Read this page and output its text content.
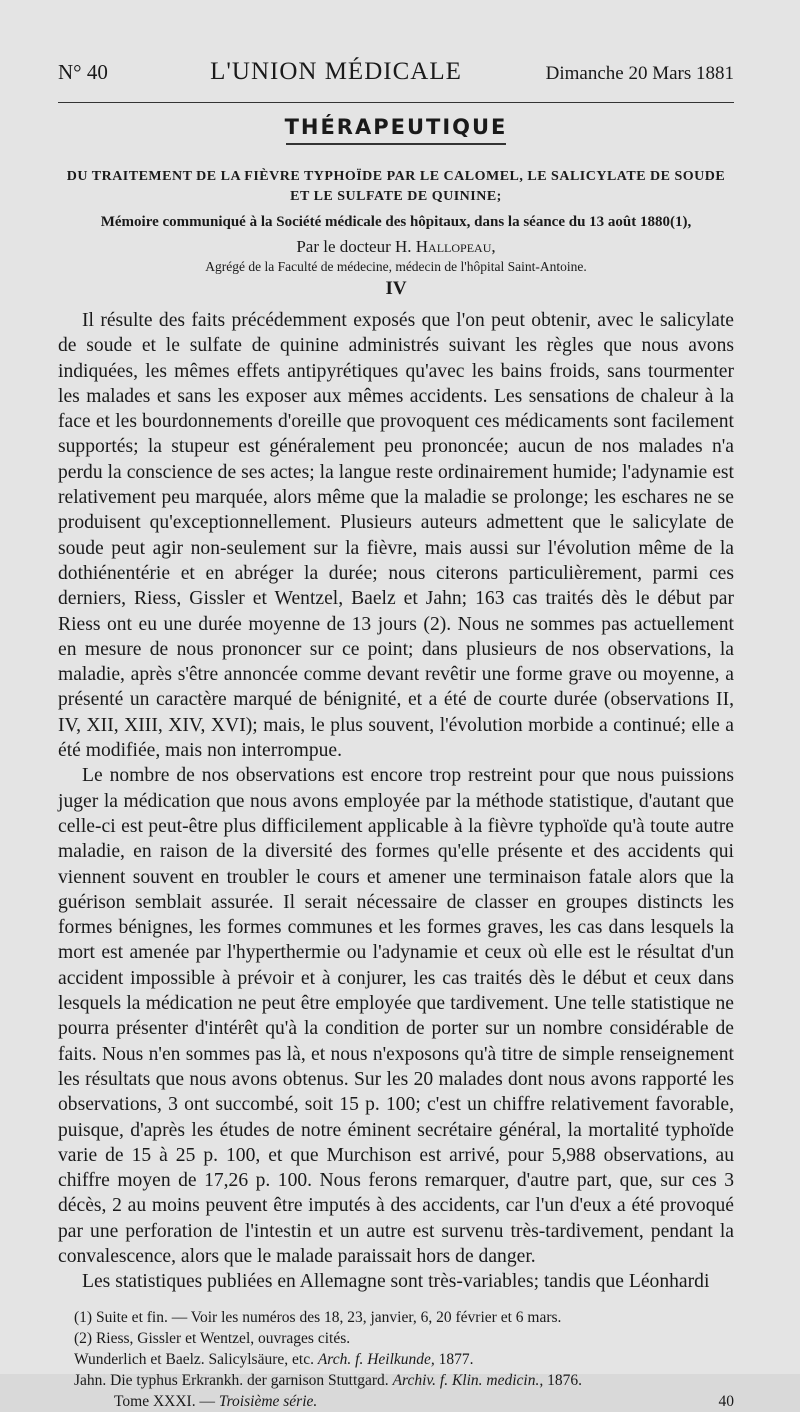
N° 40	L'UNION MÉDICALE	Dimanche 20 Mars 1881
THÉRAPEUTIQUE
DU TRAITEMENT DE LA FIÈVRE TYPHOÏDE PAR LE CALOMEL, LE SALICYLATE DE SOUDE ET LE SULFATE DE QUININE;
Mémoire communiqué à la Société médicale des hôpitaux, dans la séance du 13 août 1880(1),
Par le docteur H. Hallopeau,
Agrégé de la Faculté de médecine, médecin de l'hôpital Saint-Antoine.
IV

Il résulte des faits précédemment exposés que l'on peut obtenir, avec le salicylate de soude et le sulfate de quinine administrés suivant les règles que nous avons indiquées, les mêmes effets antipyrétiques qu'avec les bains froids, sans tourmenter les malades et sans les exposer aux mêmes accidents. Les sensations de chaleur à la face et les bourdonnements d'oreille que provoquent ces médicaments sont facilement supportés; la stupeur est généralement peu prononcée; aucun de nos malades n'a perdu la conscience de ses actes; la langue reste ordinairement humide; l'adynamie est relativement peu marquée, alors même que la maladie se prolonge; les eschares ne se produisent qu'exceptionnellement. Plusieurs auteurs admettent que le salicylate de soude peut agir non-seulement sur la fièvre, mais aussi sur l'évolution même de la dothiénentérie et en abréger la durée; nous citerons particulièrement, parmi ces derniers, Riess, Gissler et Wentzel, Baelz et Jahn; 163 cas traités dès le début par Riess ont eu une durée moyenne de 13 jours (2). Nous ne sommes pas actuellement en mesure de nous prononcer sur ce point; dans plusieurs de nos observations, la maladie, après s'être annoncée comme devant revêtir une forme grave ou moyenne, a présenté un caractère marqué de bénignité, et a été de courte durée (observations II, IV, XII, XIII, XIV, XVI); mais, le plus souvent, l'évolution morbide a continué; elle a été modifiée, mais non interrompue.

Le nombre de nos observations est encore trop restreint pour que nous puissions juger la médication que nous avons employée par la méthode statistique, d'autant que celle-ci est peut-être plus difficilement applicable à la fièvre typhoïde qu'à toute autre maladie, en raison de la diversité des formes qu'elle présente et des accidents qui viennent souvent en troubler le cours et amener une terminaison fatale alors que la guérison semblait assurée. Il serait nécessaire de classer en groupes distincts les formes bénignes, les formes communes et les formes graves, les cas dans lesquels la mort est amenée par l'hyperthermie ou l'adynamie et ceux où elle est le résultat d'un accident impossible à prévoir et à conjurer, les cas traités dès le début et ceux dans lesquels la médication ne peut être employée que tardivement. Une telle statistique ne pourra présenter d'intérêt qu'à la condition de porter sur un nombre considérable de faits. Nous n'en sommes pas là, et nous n'exposons qu'à titre de simple renseignement les résultats que nous avons obtenus. Sur les 20 malades dont nous avons rapporté les observations, 3 ont succombé, soit 15 p. 100; c'est un chiffre relativement favorable, puisque, d'après les études de notre éminent secrétaire général, la mortalité typhoïde varie de 15 à 25 p. 100, et que Murchison est arrivé, pour 5,988 observations, au chiffre moyen de 17,26 p. 100. Nous ferons remarquer, d'autre part, que, sur ces 3 décès, 2 au moins peuvent être imputés à des accidents, car l'un d'eux a été provoqué par une perforation de l'intestin et un autre est survenu très-tardivement, pendant la convalescence, alors que le malade paraissait hors de danger.

Les statistiques publiées en Allemagne sont très-variables; tandis que Léonhardi

(1) Suite et fin. — Voir les numéros des 18, 23, janvier, 6, 20 février et 6 mars.

(2) Riess, Gissler et Wentzel, ouvrages cités.

Wunderlich et Baelz. Salicylsäure, etc. Arch. f. Heilkunde, 1877.

Jahn. Die typhus Erkrankh. der garnison Stuttgard. Archiv. f. Klin. medicin., 1876.

Tome XXXI. — Troisième série.	40
